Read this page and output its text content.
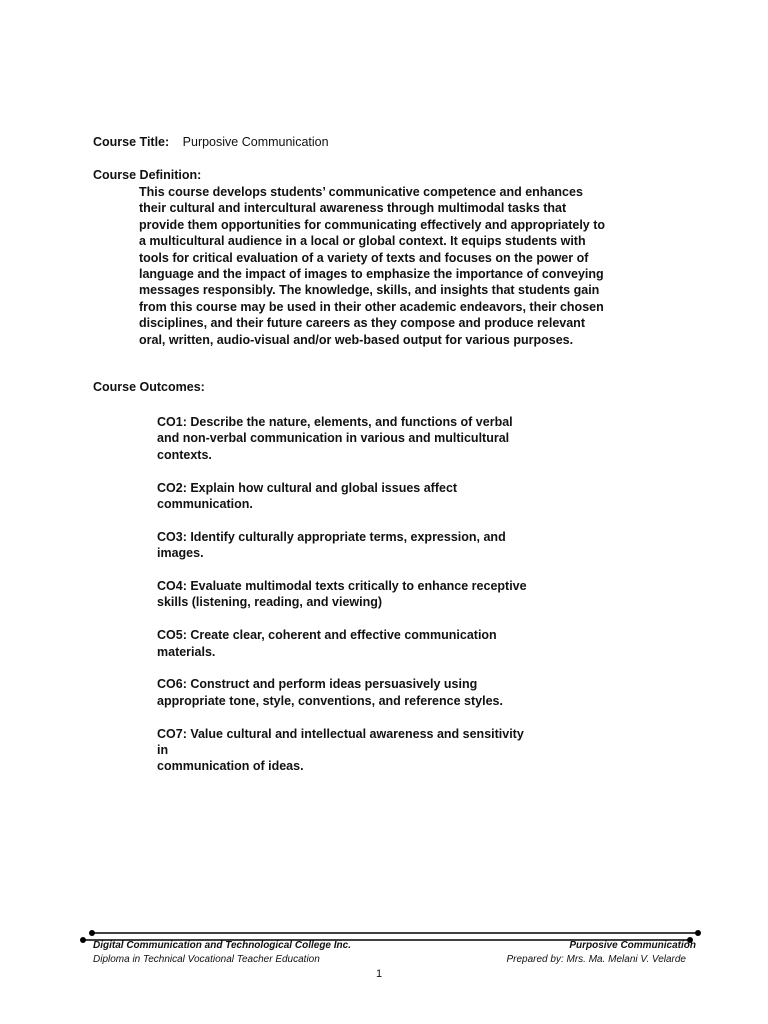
Course Title: Purposive Communication
Course Definition:
This course develops students’ communicative competence and enhances their cultural and intercultural awareness through multimodal tasks that provide them opportunities for communicating effectively and appropriately to a multicultural audience in a local or global context. It equips students with tools for critical evaluation of a variety of texts and focuses on the power of language and the impact of images to emphasize the importance of conveying messages responsibly. The knowledge, skills, and insights that students gain from this course may be used in their other academic endeavors, their chosen disciplines, and their future careers as they compose and produce relevant oral, written, audio-visual and/or web-based output for various purposes.
Course Outcomes:
CO1: Describe the nature, elements, and functions of verbal
and non-verbal communication in various and multicultural
contexts.
CO2: Explain how cultural and global issues affect
communication.
CO3: Identify culturally appropriate terms, expression, and
images.
CO4: Evaluate multimodal texts critically to enhance receptive
skills (listening, reading, and viewing)
CO5: Create clear, coherent and effective communication
materials.
CO6: Construct and perform ideas persuasively using
appropriate tone, style, conventions, and reference styles.
CO7: Value cultural and intellectual awareness and sensitivity in
communication of ideas.
Digital Communication and Technological College Inc.
Diploma in Technical Vocational Teacher Education
Purposive Communication
Prepared by: Mrs. Ma. Melani V. Velarde
1
